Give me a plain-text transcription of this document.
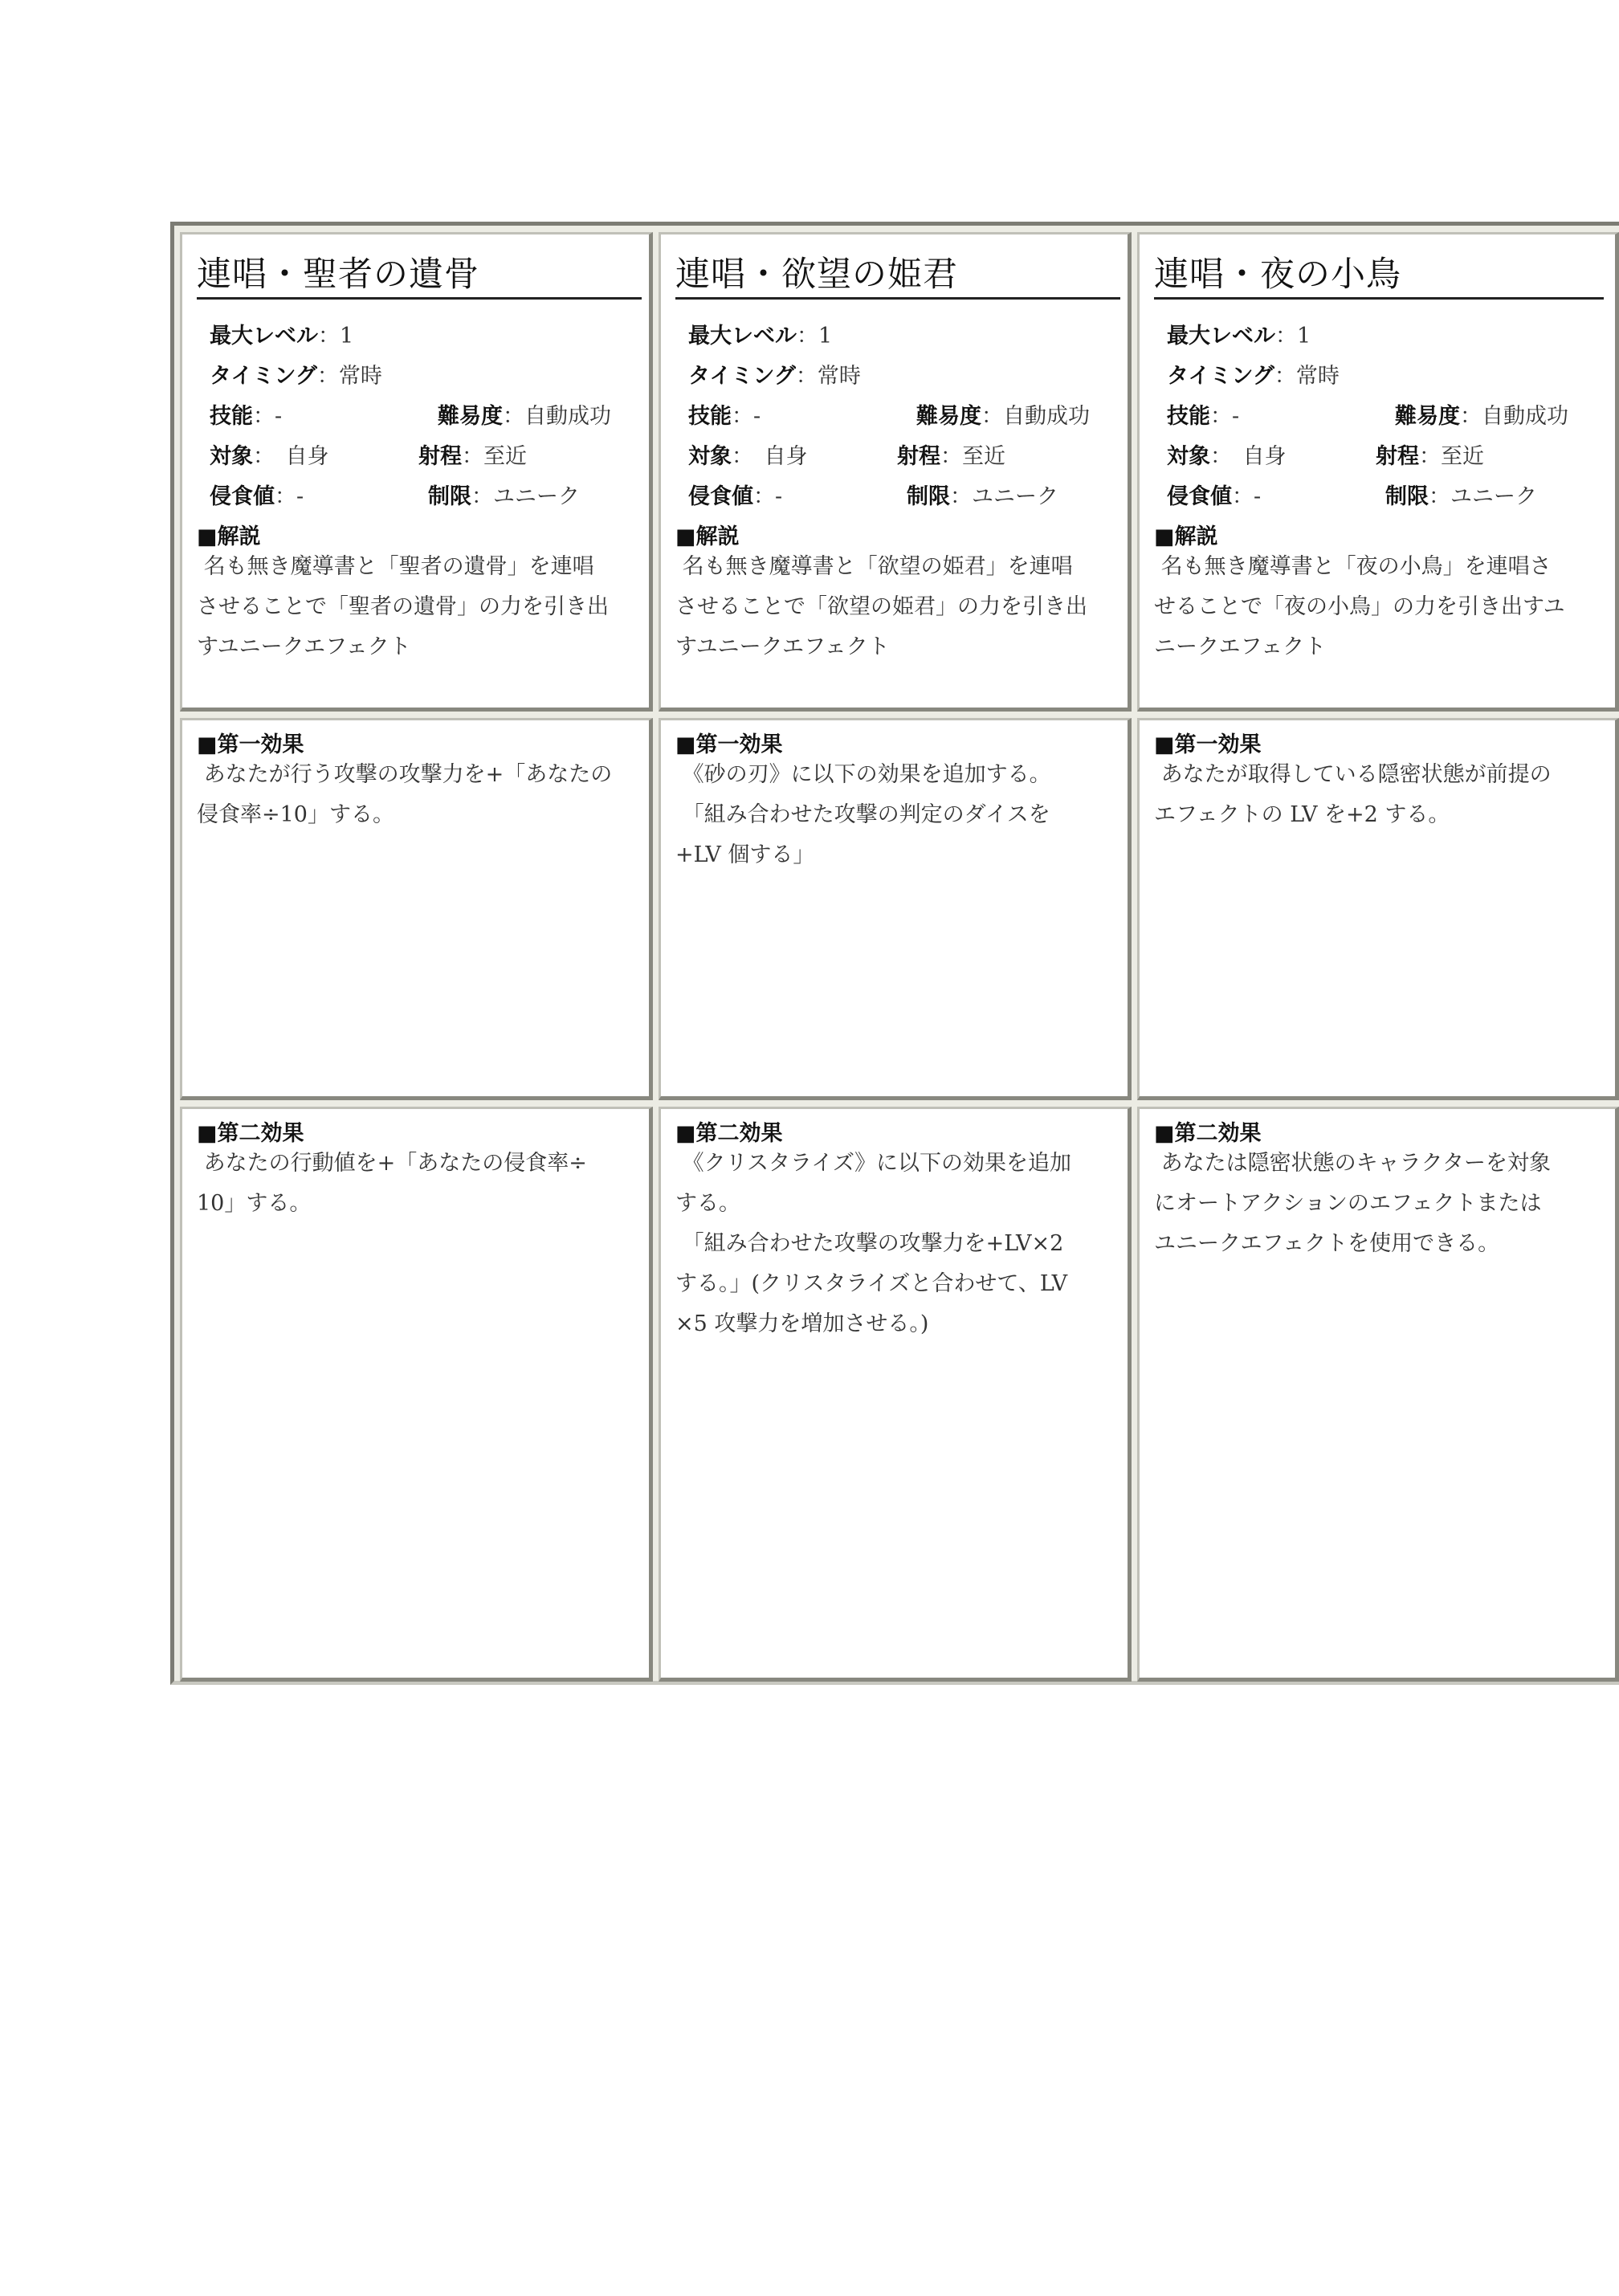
連唱・聖者の遺骨
最大レベル：1
タイミング：常時
技能：-	難易度：自動成功
対象：　自身	射程：至近
侵食値：-	制限：ユニーク
■解説
名も無き魔導書と「聖者の遺骨」を連唱
させることで「聖者の遺骨」の力を引き出
すユニークエフェクト
■第一効果
あなたが行う攻撃の攻撃力を+「あなたの
侵食率÷10」する。
■第二効果
あなたの行動値を+「あなたの侵食率÷
10」する。
連唱・欲望の姫君
最大レベル：1
タイミング：常時
技能：-	難易度：自動成功
対象：　自身	射程：至近
侵食値：-	制限：ユニーク
■解説
名も無き魔導書と「欲望の姫君」を連唱
させることで「欲望の姫君」の力を引き出
すユニークエフェクト
■第一効果
《砂の刃》に以下の効果を追加する。
「組み合わせた攻撃の判定のダイスを
+LV 個する」
■第二効果
《クリスタライズ》に以下の効果を追加
する。
「組み合わせた攻撃の攻撃力を+LV×2
する。」(クリスタライズと合わせて、LV
×5 攻撃力を増加させる。)
連唱・夜の小鳥
最大レベル：1
タイミング：常時
技能：-	難易度：自動成功
対象：　自身	射程：至近
侵食値：-	制限：ユニーク
■解説
名も無き魔導書と「夜の小鳥」を連唱さ
せることで「夜の小鳥」の力を引き出すユ
ニークエフェクト
■第一効果
あなたが取得している隠密状態が前提の
エフェクトの LV を+2 する。
■第二効果
あなたは隠密状態のキャラクターを対象
にオートアクションのエフェクトまたは
ユニークエフェクトを使用できる。
